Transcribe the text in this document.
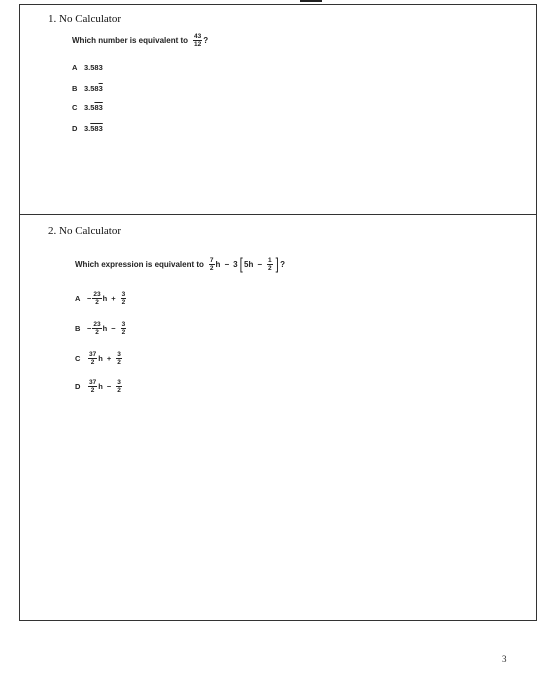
1. No Calculator
Which number is equivalent to $\frac{43}{12}$ ?
A 3. 583
B 3. 58 3
C 3. 5 83
D 3. 583
2. No Calculator
Which expression is equivalent to $\frac{7}{2}$ h − 3 [ $5h - \frac{1}{2}$ ] ?
$A - \frac{23}{2}$ $h + \frac{3}{2}$
$B - \frac{23}{2}$ $h - \frac{3}{2}$
C	$\frac{37}{2}$ $h + \frac{3}{2}$
D	$\frac{37}{2}$ $h - \frac{3}{2}$
3
